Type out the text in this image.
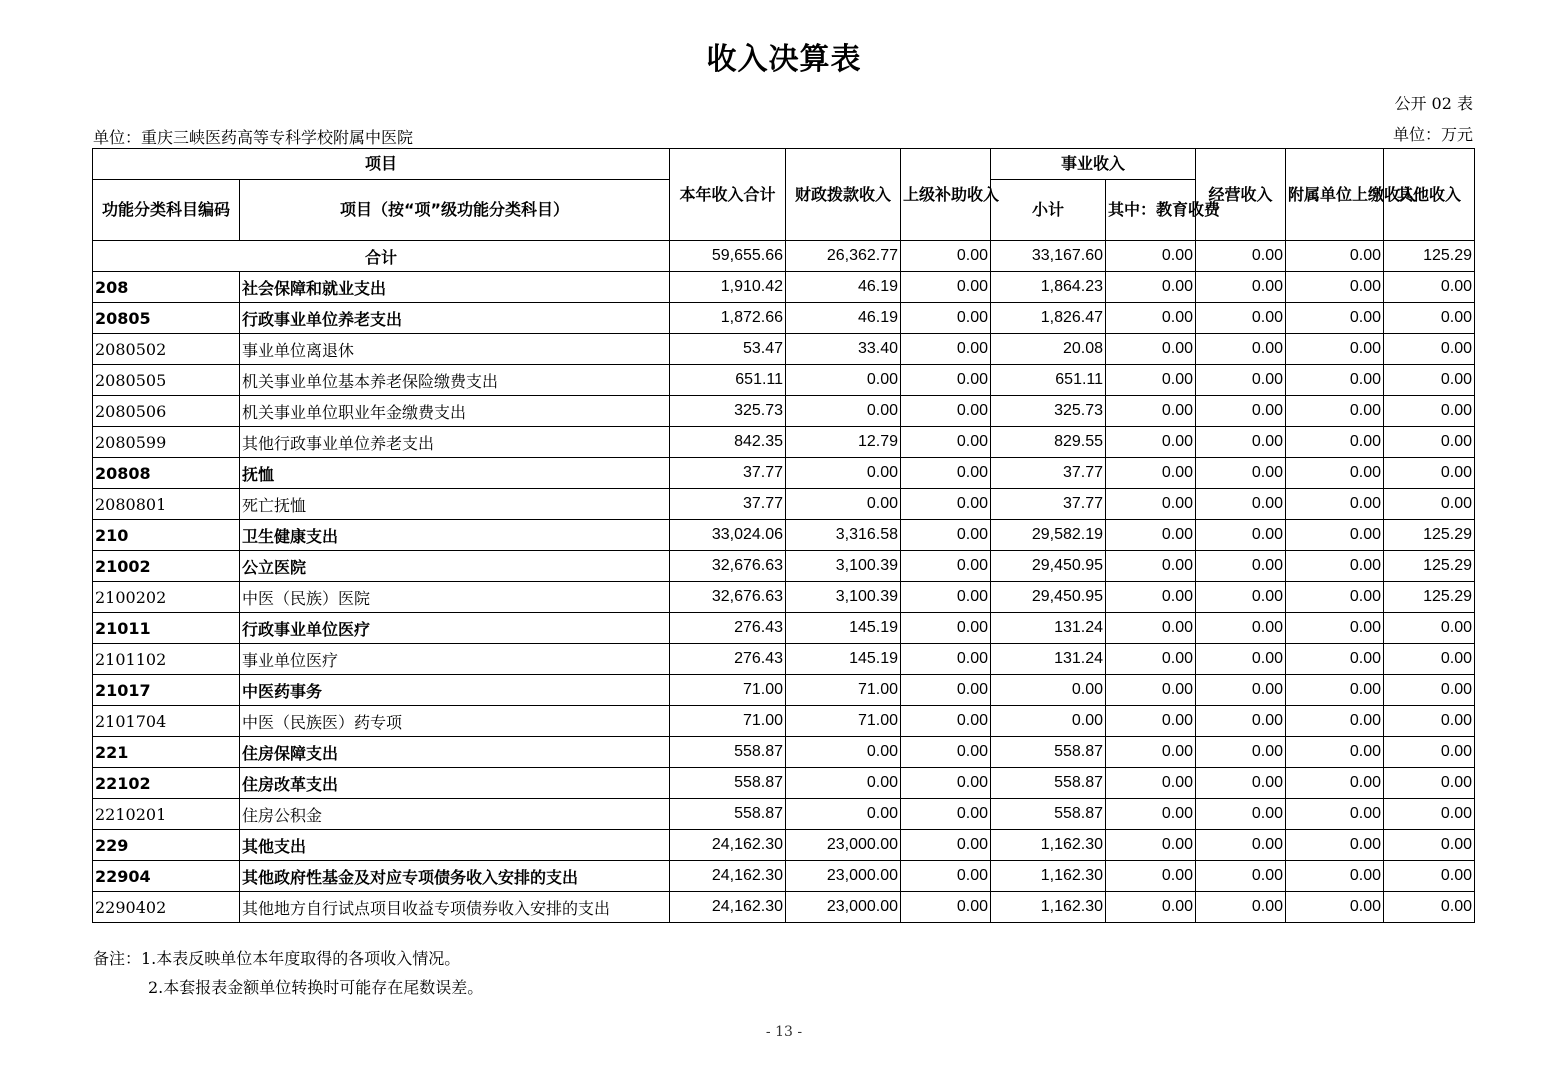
收入决算表
公开 02 表
单位：重庆三峡医药高等专科学校附属中医院	单位：万元
项目		本年收入合计	财政拨款收入	上级补助收入	事业收入		经营收入	附属单位上缴收入	其他收入
功能分类科目编码	项目（按“项”级功能分类科目）				小计	其中：教育收费			
合计		59,655.66	26,362.77	0.00	33,167.60	0.00	0.00	0.00	125.29
208	社会保障和就业支出	1,910.42	46.19	0.00	1,864.23	0.00	0.00	0.00	0.00
20805	行政事业单位养老支出	1,872.66	46.19	0.00	1,826.47	0.00	0.00	0.00	0.00
2080502	事业单位离退休	53.47	33.40	0.00	20.08	0.00	0.00	0.00	0.00
2080505	机关事业单位基本养老保险缴费支出	651.11	0.00	0.00	651.11	0.00	0.00	0.00	0.00
2080506	机关事业单位职业年金缴费支出	325.73	0.00	0.00	325.73	0.00	0.00	0.00	0.00
2080599	其他行政事业单位养老支出	842.35	12.79	0.00	829.55	0.00	0.00	0.00	0.00
20808	抚恤	37.77	0.00	0.00	37.77	0.00	0.00	0.00	0.00
2080801	死亡抚恤	37.77	0.00	0.00	37.77	0.00	0.00	0.00	0.00
210	卫生健康支出	33,024.06	3,316.58	0.00	29,582.19	0.00	0.00	0.00	125.29
21002	公立医院	32,676.63	3,100.39	0.00	29,450.95	0.00	0.00	0.00	125.29
2100202	中医（民族）医院	32,676.63	3,100.39	0.00	29,450.95	0.00	0.00	0.00	125.29
21011	行政事业单位医疗	276.43	145.19	0.00	131.24	0.00	0.00	0.00	0.00
2101102	事业单位医疗	276.43	145.19	0.00	131.24	0.00	0.00	0.00	0.00
21017	中医药事务	71.00	71.00	0.00	0.00	0.00	0.00	0.00	0.00
2101704	中医（民族医）药专项	71.00	71.00	0.00	0.00	0.00	0.00	0.00	0.00
221	住房保障支出	558.87	0.00	0.00	558.87	0.00	0.00	0.00	0.00
22102	住房改革支出	558.87	0.00	0.00	558.87	0.00	0.00	0.00	0.00
2210201	住房公积金	558.87	0.00	0.00	558.87	0.00	0.00	0.00	0.00
229	其他支出	24,162.30	23,000.00	0.00	1,162.30	0.00	0.00	0.00	0.00
22904	其他政府性基金及对应专项债务收入安排的支出	24,162.30	23,000.00	0.00	1,162.30	0.00	0.00	0.00	0.00
2290402	其他地方自行试点项目收益专项债券收入安排的支出	24,162.30	23,000.00	0.00	1,162.30	0.00	0.00	0.00	0.00
备注：1.本表反映单位本年度取得的各项收入情况。
2.本套报表金额单位转换时可能存在尾数误差。
- 13 -
